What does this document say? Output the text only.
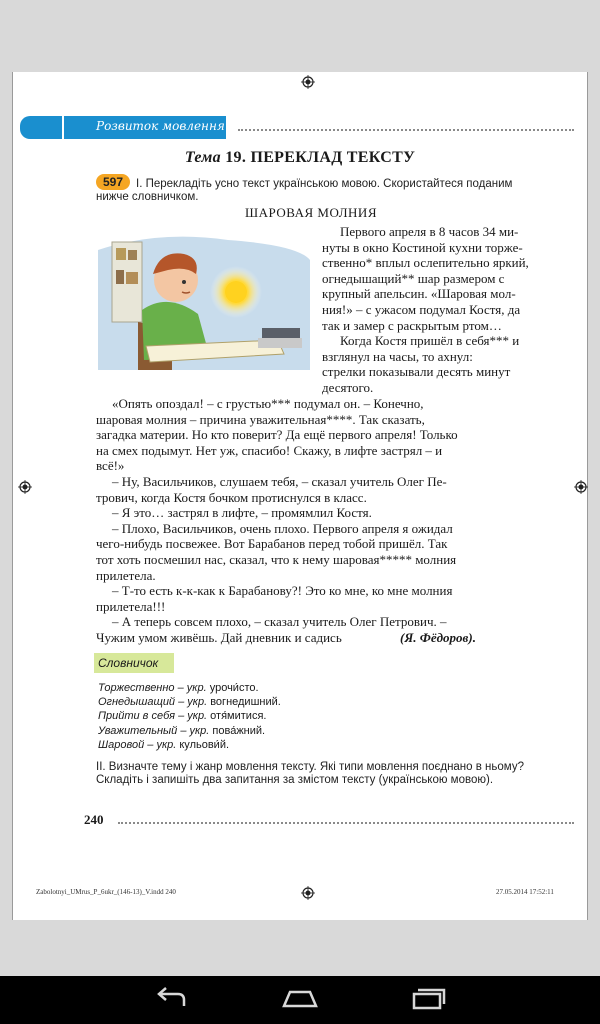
Розвиток мовлення
Тема 19. ПЕРЕКЛАД ТЕКСТУ
597	I. Перекладіть усно текст українською мовою. Скористайтеся поданим
нижче словничком.
ШАРОВАЯ МОЛНИЯ
Первого апреля в 8 часов 34 ми-
нуты в окно Костиной кухни торже-
ственно* вплыл ослепительно яркий,
огнедышащий** шар размером с
крупный апельсин. «Шаровая мол-
ния!» – с ужасом подумал Костя, да
так и замер с раскрытым ртом…
Когда Костя пришёл в себя*** и
взглянул на часы, то ахнул:
стрелки показывали десять минут
десятого.
«Опять опоздал! – с грустью*** подумал он. – Конечно,
шаровая молния – причина уважительная****. Так сказать,
загадка материи. Но кто поверит? Да ещё первого апреля! Только
на смех подымут. Нет уж, спасибо! Скажу, в лифте застрял – и
всё!»
– Ну, Васильчиков, слушаем тебя, – сказал учитель Олег Пе-
трович, когда Костя бочком протиснулся в класс.
– Я это… застрял в лифте, – промямлил Костя.
– Плохо, Васильчиков, очень плохо. Первого апреля я ожидал
чего-нибудь посвежее. Вот Барабанов перед тобой пришёл. Так
тот хоть посмешил нас, сказал, что к нему шаровая***** молния
прилетела.
– Т-то есть к-к-как к Барабанову?! Это ко мне, ко мне молния
прилетела!!!
– А теперь совсем плохо, – сказал учитель Олег Петрович. –
Чужим умом живёшь. Дай дневник и садись	(Я. Фёдоров).
Словничок
Торжественно – укр. урочи́сто.
Огнедышащий – укр. вогнедишний.
Прийти в себя – укр. отя́митися.
Уважительный – укр. пова́жний.
Шаровой – укр. кульови́й.
II. Визначте тему і жанр мовлення тексту. Які типи мовлення поєднано в ньому?
Складіть і запишіть два запитання за змістом тексту (українською мовою).
240
Zabolotnyi_UMrus_P_6ukr_(146-13)_V.indd 240	27.05.2014 17:52:11
